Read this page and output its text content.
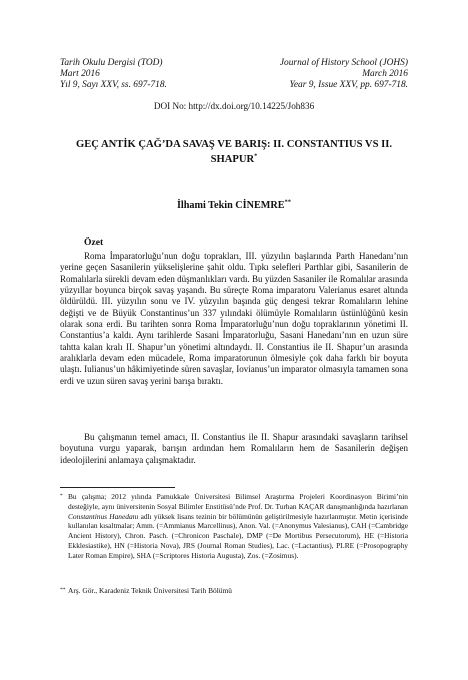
Tarih Okulu Dergisi (TOD)
Mart 2016
Yıl 9, Sayı XXV, ss. 697-718.
Journal of History School (JOHS)
March 2016
Year 9, Issue XXV, pp. 697-718.
DOI No: http://dx.doi.org/10.14225/Joh836
GEÇ ANTİK ÇAĞ’DA SAVAŞ VE BARIŞ: II. CONSTANTIUS VS II.
SHAPUR*
İlhami Tekin CİNEMRE**
Özet

Roma İmparatorluğu’nun doğu toprakları, III. yüzyılın başlarında Parth Hanedanı’nın yerine geçen Sasanilerin yükselişlerine şahit oldu. Tıpkı selefleri Parthlar gibi, Sasanilerin de Romalılarla sürekli devam eden düşmanlıkları vardı. Bu yüzden Sasaniler ile Romalılar arasında yüzyıllar boyunca birçok savaş yaşandı. Bu süreçte Roma imparatoru Valerianus esaret altında öldürüldü. III. yüzyılın sonu ve IV. yüzyılın başında güç dengesi tekrar Romalıların lehine değişti ve de Büyük Constantinus’un 337 yılındaki ölümüyle Romalıların üstünlüğünü kesin olarak sona erdi. Bu tarihten sonra Roma İmparatorluğu’nun doğu topraklarının yönetimi II. Constantius’a kaldı. Aynı tarihlerde Sasani İmparatorluğu, Sasani Hanedanı’nın en uzun süre tahtta kalan kralı II. Shapur’un yönetimi altındaydı. II. Constantius ile II. Shapur’un arasında aralıklarla devam eden mücadele, Roma imparatorunun ölmesiyle çok daha farklı bir boyuta ulaştı. Iulianus’un hâkimiyetinde süren savaşlar, Iovianus’un imparator olmasıyla tamamen sona erdi ve uzun süren savaş yerini barışa bıraktı.

Bu çalışmanın temel amacı, II. Constantius ile II. Shapur arasındaki savaşların tarihsel boyutuna vurgu yaparak, barışın ardından hem Romalıların hem de Sasanilerin değişen ideolojilerini anlamaya çalışmaktadır.

* Bu çalışma; 2012 yılında Pamukkale Üniversitesi Bilimsel Araştırma Projeleri Koordinasyon Birimi’nin desteğiyle, aynı üniversitenin Sosyal Bilimler Enstitüsü’nde Prof. Dr. Turhan KAÇAR danışmanlığında hazırlanan Constantinus Hanedanı adlı yüksek lisans tezinin bir bölümünün geliştirilmesiyle hazırlanmıştır. Metin içerisinde kullanılan kısaltmalar; Amm. (=Ammianus Marcellinus), Anon. Val. (=Anonymus Valesianus), CAH (=Cambridge Ancient History), Chron. Pasch. (=Chronicon Paschale), DMP (=De Mortibus Persecutorum), HE (=Historia Ekklesiastike), HN (=Historia Nova), JRS (Journal Roman Studies), Lac. (=Lactantius), PLRE (=Prosopography Later Roman Empire), SHA (=Scriptores Historia Augusta), Zos. (=Zosimus).
** Arş. Gör., Karadeniz Teknik Üniversitesi Tarih Bölümü
